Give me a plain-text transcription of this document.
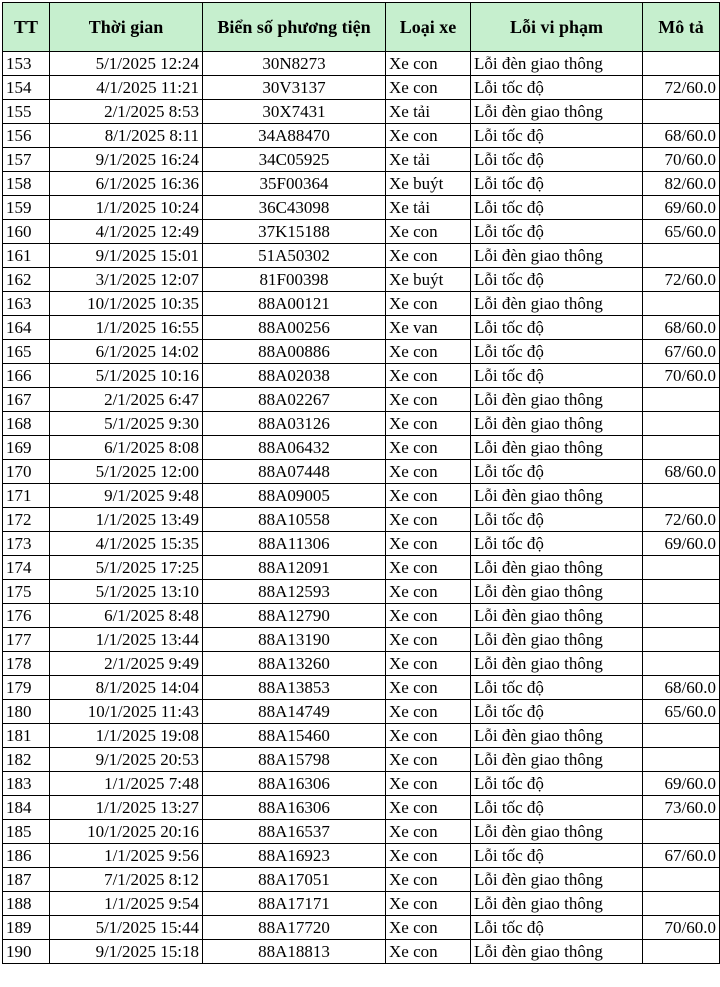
TT	Thời gian	Biển số phương tiện	Loại xe	Lỗi vi phạm	Mô tả
153	5/1/2025 12:24	30N8273	Xe con	Lỗi đèn giao thông	
154	4/1/2025 11:21	30V3137	Xe con	Lỗi tốc độ	72/60.0
155	2/1/2025 8:53	30X7431	Xe tải	Lỗi đèn giao thông	
156	8/1/2025 8:11	34A88470	Xe con	Lỗi tốc độ	68/60.0
157	9/1/2025 16:24	34C05925	Xe tải	Lỗi tốc độ	70/60.0
158	6/1/2025 16:36	35F00364	Xe buýt	Lỗi tốc độ	82/60.0
159	1/1/2025 10:24	36C43098	Xe tải	Lỗi tốc độ	69/60.0
160	4/1/2025 12:49	37K15188	Xe con	Lỗi tốc độ	65/60.0
161	9/1/2025 15:01	51A50302	Xe con	Lỗi đèn giao thông	
162	3/1/2025 12:07	81F00398	Xe buýt	Lỗi tốc độ	72/60.0
163	10/1/2025 10:35	88A00121	Xe con	Lỗi đèn giao thông	
164	1/1/2025 16:55	88A00256	Xe van	Lỗi tốc độ	68/60.0
165	6/1/2025 14:02	88A00886	Xe con	Lỗi tốc độ	67/60.0
166	5/1/2025 10:16	88A02038	Xe con	Lỗi tốc độ	70/60.0
167	2/1/2025 6:47	88A02267	Xe con	Lỗi đèn giao thông	
168	5/1/2025 9:30	88A03126	Xe con	Lỗi đèn giao thông	
169	6/1/2025 8:08	88A06432	Xe con	Lỗi đèn giao thông	
170	5/1/2025 12:00	88A07448	Xe con	Lỗi tốc độ	68/60.0
171	9/1/2025 9:48	88A09005	Xe con	Lỗi đèn giao thông	
172	1/1/2025 13:49	88A10558	Xe con	Lỗi tốc độ	72/60.0
173	4/1/2025 15:35	88A11306	Xe con	Lỗi tốc độ	69/60.0
174	5/1/2025 17:25	88A12091	Xe con	Lỗi đèn giao thông	
175	5/1/2025 13:10	88A12593	Xe con	Lỗi đèn giao thông	
176	6/1/2025 8:48	88A12790	Xe con	Lỗi đèn giao thông	
177	1/1/2025 13:44	88A13190	Xe con	Lỗi đèn giao thông	
178	2/1/2025 9:49	88A13260	Xe con	Lỗi đèn giao thông	
179	8/1/2025 14:04	88A13853	Xe con	Lỗi tốc độ	68/60.0
180	10/1/2025 11:43	88A14749	Xe con	Lỗi tốc độ	65/60.0
181	1/1/2025 19:08	88A15460	Xe con	Lỗi đèn giao thông	
182	9/1/2025 20:53	88A15798	Xe con	Lỗi đèn giao thông	
183	1/1/2025 7:48	88A16306	Xe con	Lỗi tốc độ	69/60.0
184	1/1/2025 13:27	88A16306	Xe con	Lỗi tốc độ	73/60.0
185	10/1/2025 20:16	88A16537	Xe con	Lỗi đèn giao thông	
186	1/1/2025 9:56	88A16923	Xe con	Lỗi tốc độ	67/60.0
187	7/1/2025 8:12	88A17051	Xe con	Lỗi đèn giao thông	
188	1/1/2025 9:54	88A17171	Xe con	Lỗi đèn giao thông	
189	5/1/2025 15:44	88A17720	Xe con	Lỗi tốc độ	70/60.0
190	9/1/2025 15:18	88A18813	Xe con	Lỗi đèn giao thông	
